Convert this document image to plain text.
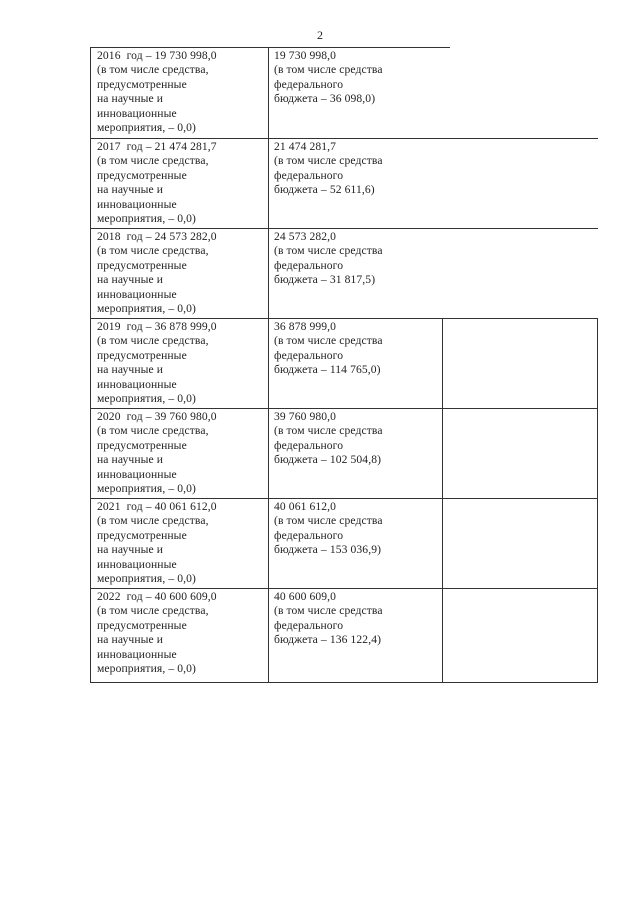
2
2016  год – 19 730 998,0
(в том числе средства,
предусмотренные
на научные и
инновационные
мероприятия, – 0,0)
19 730 998,0
(в том числе средства
федерального
бюджета – 36 098,0)
2017  год – 21 474 281,7
(в том числе средства,
предусмотренные
на научные и
инновационные
мероприятия, – 0,0)
21 474 281,7
(в том числе средства
федерального
бюджета – 52 611,6)
2018  год – 24 573 282,0
(в том числе средства,
предусмотренные
на научные и
инновационные
мероприятия, – 0,0)
24 573 282,0
(в том числе средства
федерального
бюджета – 31 817,5)
2019  год – 36 878 999,0
(в том числе средства,
предусмотренные
на научные и
инновационные
мероприятия, – 0,0)
36 878 999,0
(в том числе средства
федерального
бюджета – 114 765,0)
2020  год – 39 760 980,0
(в том числе средства,
предусмотренные
на научные и
инновационные
мероприятия, – 0,0)
39 760 980,0
(в том числе средства
федерального
бюджета – 102 504,8)
2021  год – 40 061 612,0
(в том числе средства,
предусмотренные
на научные и
инновационные
мероприятия, – 0,0)
40 061 612,0
(в том числе средства
федерального
бюджета – 153 036,9)
2022  год – 40 600 609,0
(в том числе средства,
предусмотренные
на научные и
инновационные
мероприятия, – 0,0)
40 600 609,0
(в том числе средства
федерального
бюджета – 136 122,4)
